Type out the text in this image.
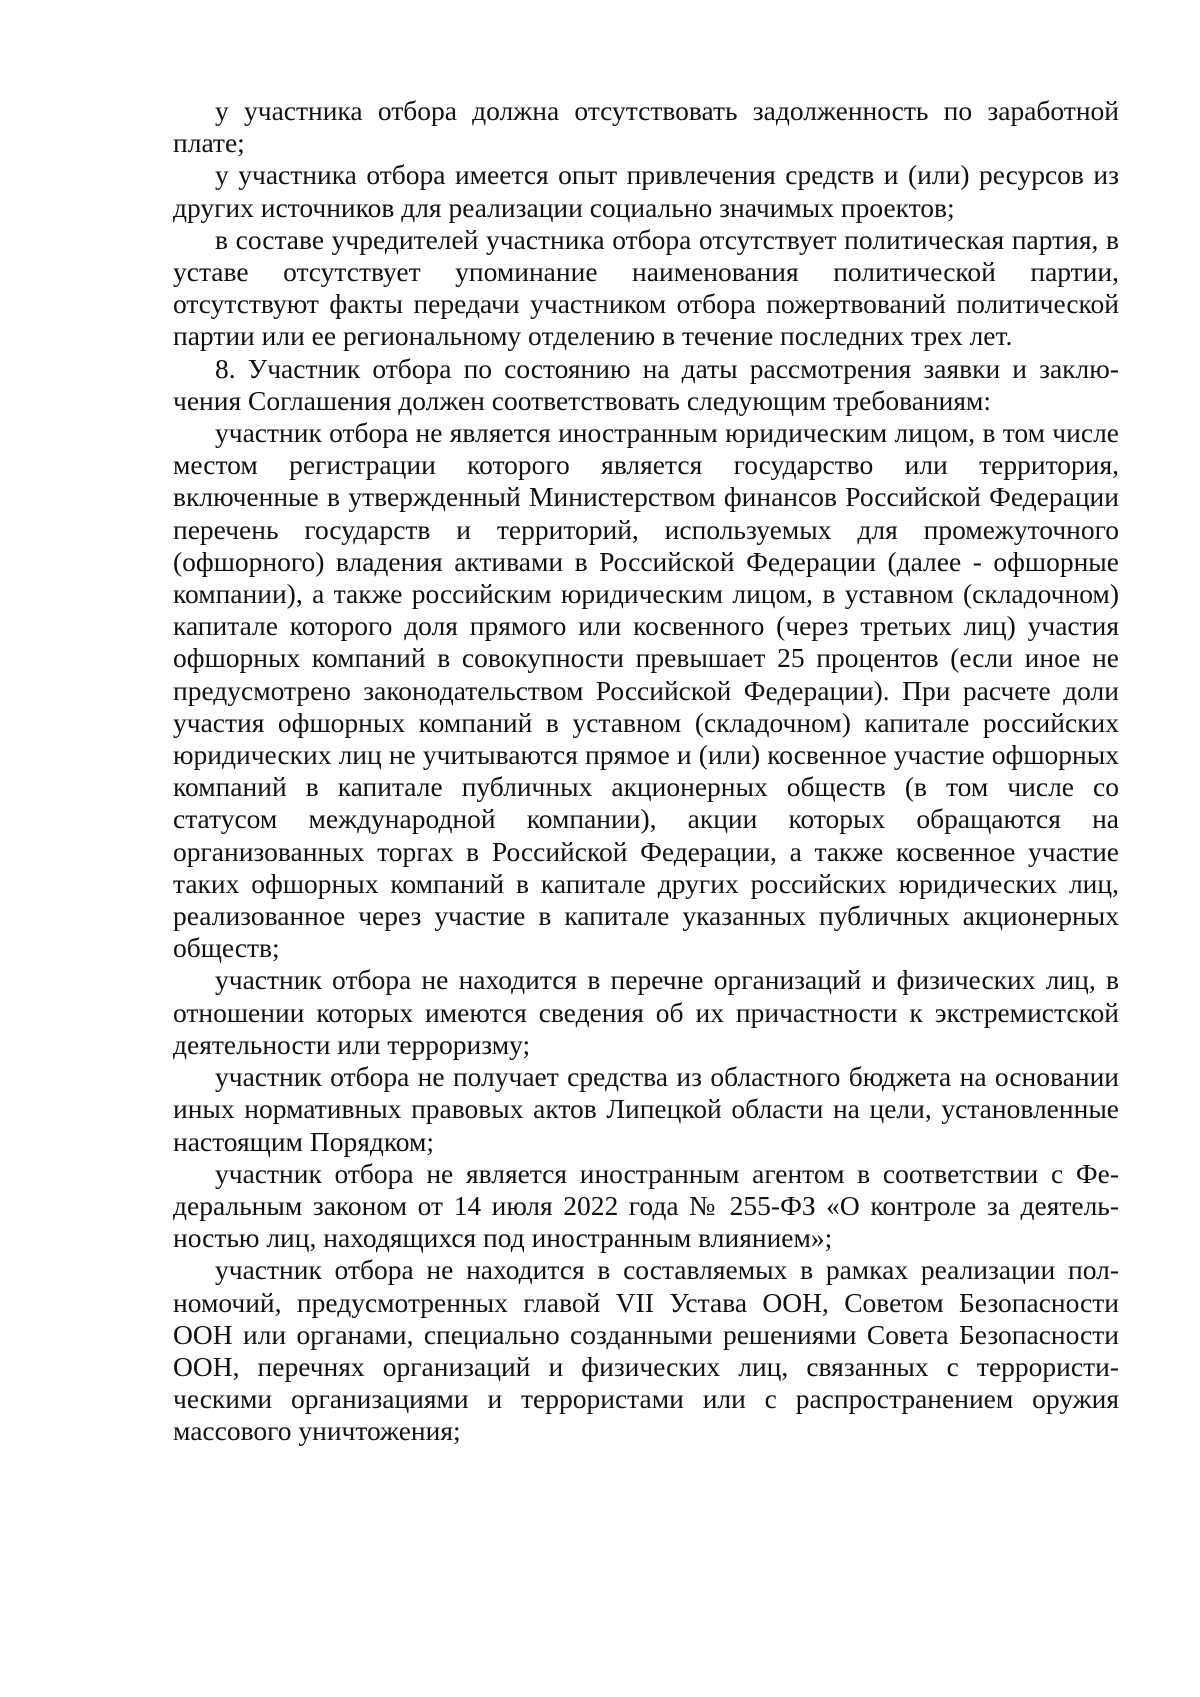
у участника отбора должна отсутствовать задолженность по заработной плате;

у участника отбора имеется опыт привлечения средств и (или) ресурсов из других источников для реализации социально значимых проектов;

в составе учредителей участника отбора отсутствует политическая партия, в уставе отсутствует упоминание наименования политической партии, отсутствуют факты передачи участником отбора пожертвований политической партии или ее региональному отделению в течение последних трех лет.

8. Участник отбора по состоянию на даты рассмотрения заявки и заключения Соглашения должен соответствовать следующим требованиям:

участник отбора не является иностранным юридическим лицом, в том числе местом регистрации которого является государство или территория, включенные в утвержденный Министерством финансов Российской Федерации перечень государств и территорий, используемых для промежуточного (офшорного) владения активами в Российской Федерации (далее - офшорные компании), а также российским юридическим лицом, в уставном (складочном) капитале которого доля прямого или косвенного (через третьих лиц) участия офшорных компаний в совокупности превышает 25 процентов (если иное не предусмотрено законодательством Российской Федерации). При расчете доли участия офшорных компаний в уставном (складочном) капитале российских юридических лиц не учитываются прямое и (или) косвенное участие офшорных компаний в капитале публичных акционерных обществ (в том числе со статусом международной компании), акции которых обращаются на организованных торгах в Российской Федерации, а также косвенное участие таких офшорных компаний в капитале других российских юридических лиц, реализованное через участие в капитале указанных публичных акционерных обществ;

участник отбора не находится в перечне организаций и физических лиц, в отношении которых имеются сведения об их причастности к экстремистской деятельности или терроризму;

участник отбора не получает средства из областного бюджета на основании иных нормативных правовых актов Липецкой области на цели, установленные настоящим Порядком;

участник отбора не является иностранным агентом в соответствии с Федеральным законом от 14 июля 2022 года № 255-ФЗ «О контроле за деятельностью лиц, находящихся под иностранным влиянием»;

участник отбора не находится в составляемых в рамках реализации полномочий, предусмотренных главой VII Устава ООН, Советом Безопасности ООН или органами, специально созданными решениями Совета Безопасности ООН, перечнях организаций и физических лиц, связанных с террористическими организациями и террористами или с распространением оружия массового уничтожения;
